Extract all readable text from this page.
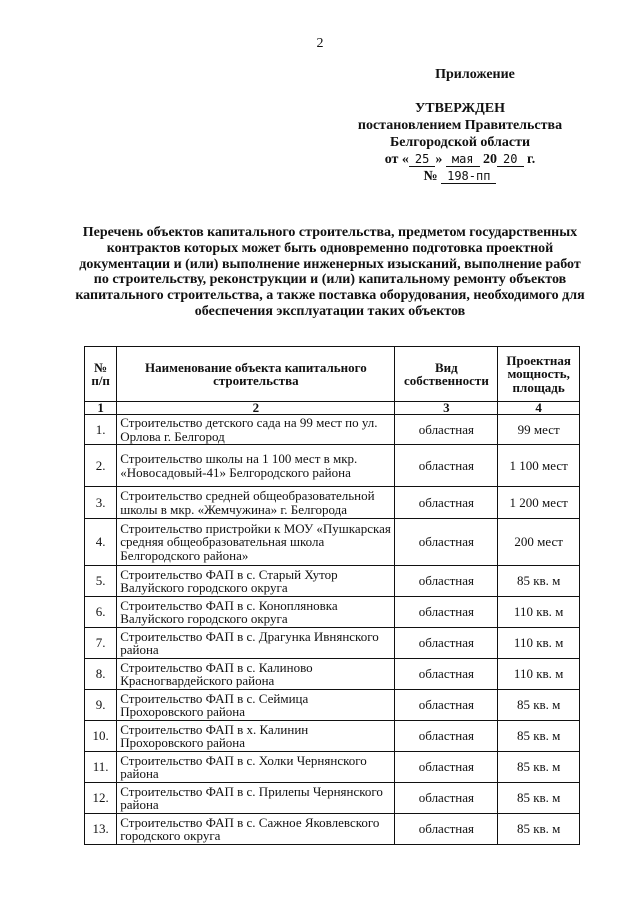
2
Приложение
УТВЕРЖДЕН
постановлением Правительства
Белгородской области
от « 25 » мая 20 20 г.
№ 198-пп
Перечень объектов капитального строительства, предметом государственных контрактов которых может быть одновременно подготовка проектной документации и (или) выполнение инженерных изысканий, выполнение работ по строительству, реконструкции и (или) капитальному ремонту объектов капитального строительства, а также поставка оборудования, необходимого для обеспечения эксплуатации таких объектов
№ п/п	Наименование объекта капитального строительства	Вид собственности	Проектная мощность, площадь
1	2	3	4
1.	Строительство детского сада на 99 мест по ул. Орлова г. Белгород	областная	99 мест
2.	Строительство школы на 1 100 мест в мкр. «Новосадовый-41» Белгородского района	областная	1 100 мест
3.	Строительство средней общеобразовательной школы в мкр. «Жемчужина» г. Белгорода	областная	1 200 мест
4.	Строительство пристройки к МОУ «Пушкарская средняя общеобразовательная школа Белгородского района»	областная	200 мест
5.	Строительство ФАП в с. Старый Хутор Валуйского городского округа	областная	85 кв. м
6.	Строительство ФАП в с. Конопляновка Валуйского городского округа	областная	110 кв. м
7.	Строительство ФАП в с. Драгунка Ивнянского района	областная	110 кв. м
8.	Строительство ФАП в с. Калиново Красногвардейского района	областная	110 кв. м
9.	Строительство ФАП в с. Сеймица Прохоровского района	областная	85 кв. м
10.	Строительство ФАП в х. Калинин Прохоровского района	областная	85 кв. м
11.	Строительство ФАП в с. Холки Чернянского района	областная	85 кв. м
12.	Строительство ФАП в с. Прилепы Чернянского района	областная	85 кв. м
13.	Строительство ФАП в с. Сажное Яковлевского городского округа	областная	85 кв. м
